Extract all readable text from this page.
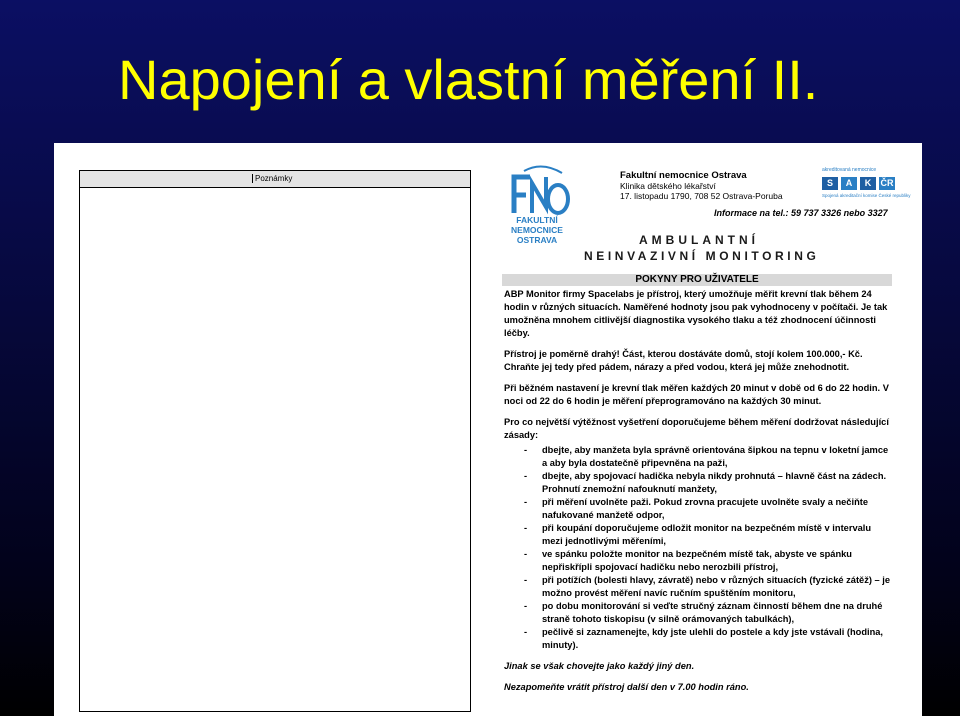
Napojení a vlastní měření II.
Poznámky
FAKULTNÍ
NEMOCNICE
OSTRAVA
Fakultní nemocnice Ostrava
Klinika dětského lékařství
17. listopadu 1790, 708 52 Ostrava-Poruba
akreditovaná nemocnice
S	A	K	ČR
Spojená akreditační komise České republiky
Informace na tel.: 59 737 3326 nebo 3327
AMBULANTNÍ
NEINVAZIVNÍ MONITORING
POKYNY PRO UŽIVATELE

ABP Monitor firmy Spacelabs je přístroj, který umožňuje měřit krevní tlak během 24 hodin v různých situacích. Naměřené hodnoty jsou pak vyhodnoceny v počítači. Je tak umožněna mnohem citlivější diagnostika vysokého tlaku a též zhodnocení účinnosti léčby.

Přístroj je poměrně drahý! Část, kterou dostáváte domů, stojí kolem 100.000,- Kč. Chraňte jej tedy před pádem, nárazy a před vodou, která jej může znehodnotit.

Při běžném nastavení je krevní tlak měřen každých 20 minut v době od 6 do 22 hodin. V noci od 22 do 6 hodin je měření přeprogramováno na každých 30 minut.

Pro co největší výtěžnost vyšetření doporučujeme během měření dodržovat následující zásady:

- dbejte, aby manžeta byla správně orientována šipkou na tepnu v loketní jamce a aby byla dostatečně připevněna na paži,
- dbejte, aby spojovací hadička nebyla nikdy prohnutá – hlavně část na zádech. Prohnutí znemožní nafouknutí manžety,
- při měření uvolněte paži. Pokud zrovna pracujete uvolněte svaly a nečiňte nafukované manžetě odpor,
- při koupání doporučujeme odložit monitor na bezpečném místě v intervalu mezi jednotlivými měřeními,
- ve spánku položte monitor na bezpečném místě tak, abyste ve spánku nepřiskřípli spojovací hadičku nebo nerozbili přístroj,
- při potížích (bolesti hlavy, závratě) nebo v různých situacích (fyzické zátěž) – je možno provést měření navíc ručním spuštěním monitoru,
- po dobu monitorování si veďte stručný záznam činností během dne na druhé straně tohoto tiskopisu (v silně orámovaných tabulkách),
- pečlivě si zaznamenejte, kdy jste ulehli do postele a kdy jste vstávali (hodina, minuty).

Jinak se však chovejte jako každý jiný den.

Nezapomeňte vrátit přístroj další den v 7.00 hodin ráno.
